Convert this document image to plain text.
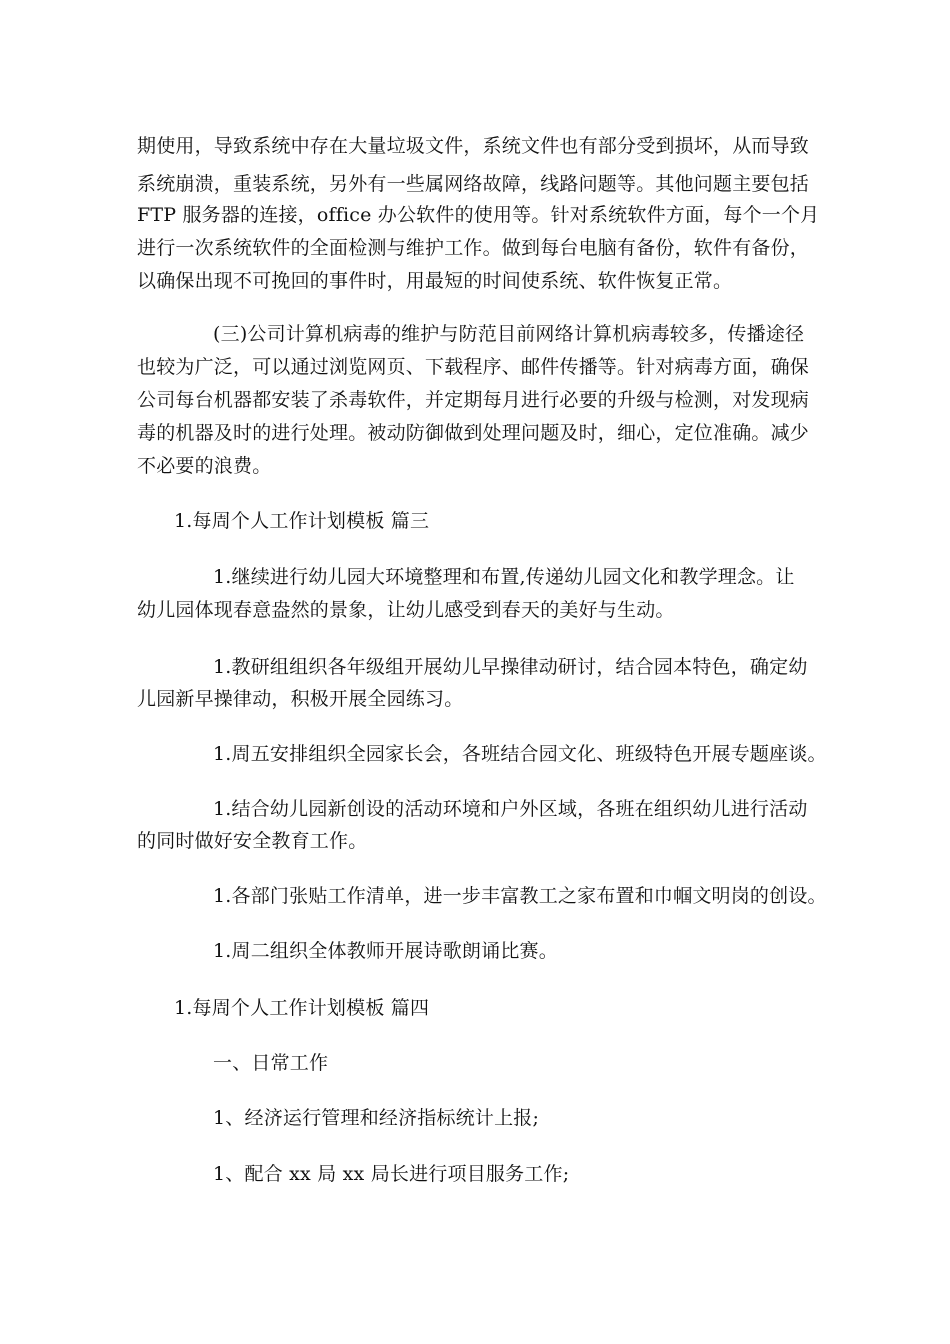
期使用，导致系统中存在大量垃圾文件，系统文件也有部分受到损坏，从而导致
系统崩溃，重装系统，另外有一些属网络故障，线路问题等。其他问题主要包括
FTP 服务器的连接，office 办公软件的使用等。针对系统软件方面，每个一个月
进行一次系统软件的全面检测与维护工作。做到每台电脑有备份，软件有备份，
以确保出现不可挽回的事件时，用最短的时间使系统、软件恢复正常。
(三)公司计算机病毒的维护与防范目前网络计算机病毒较多，传播途径
也较为广泛，可以通过浏览网页、下载程序、邮件传播等。针对病毒方面，确保
公司每台机器都安装了杀毒软件，并定期每月进行必要的升级与检测，对发现病
毒的机器及时的进行处理。被动防御做到处理问题及时，细心，定位准确。减少
不必要的浪费。
1.每周个人工作计划模板 篇三
1.继续进行幼儿园大环境整理和布置,传递幼儿园文化和教学理念。让
幼儿园体现春意盎然的景象，让幼儿感受到春天的美好与生动。
1.教研组组织各年级组开展幼儿早操律动研讨，结合园本特色，确定幼
儿园新早操律动，积极开展全园练习。
1.周五安排组织全园家长会，各班结合园文化、班级特色开展专题座谈。
1.结合幼儿园新创设的活动环境和户外区域，各班在组织幼儿进行活动
的同时做好安全教育工作。
1.各部门张贴工作清单，进一步丰富教工之家布置和巾帼文明岗的创设。
1.周二组织全体教师开展诗歌朗诵比赛。
1.每周个人工作计划模板 篇四
一、日常工作
1、经济运行管理和经济指标统计上报;
1、配合 xx 局 xx 局长进行项目服务工作;
